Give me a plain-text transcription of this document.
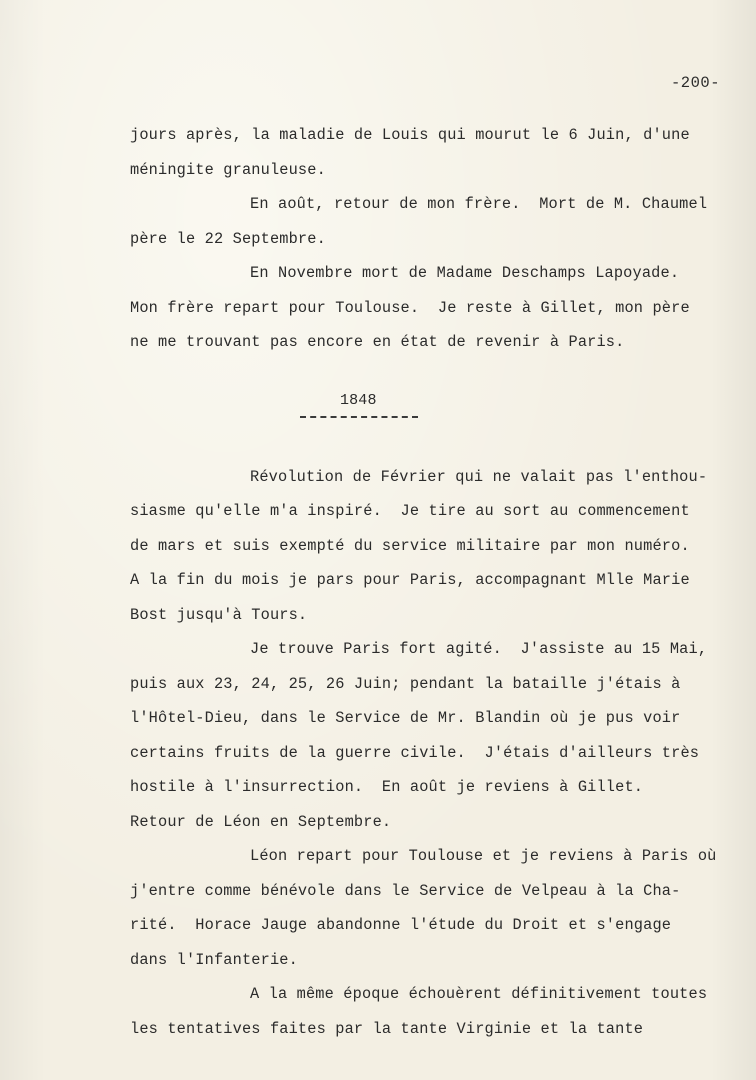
-200-
jours après, la maladie de Louis qui mourut le 6 Juin, d'une
méningite granuleuse.
En août, retour de mon frère.  Mort de M. Chaumel
père le 22 Septembre.
En Novembre mort de Madame Deschamps Lapoyade.
Mon frère repart pour Toulouse.  Je reste à Gillet, mon père
ne me trouvant pas encore en état de revenir à Paris.
1848
Révolution de Février qui ne valait pas l'enthou-
siasme qu'elle m'a inspiré.  Je tire au sort au commencement
de mars et suis exempté du service militaire par mon numéro.
A la fin du mois je pars pour Paris, accompagnant Mlle Marie
Bost jusqu'à Tours.
Je trouve Paris fort agité.  J'assiste au 15 Mai,
puis aux 23, 24, 25, 26 Juin; pendant la bataille j'étais à
l'Hôtel-Dieu, dans le Service de Mr. Blandin où je pus voir
certains fruits de la guerre civile.  J'étais d'ailleurs très
hostile à l'insurrection.  En août je reviens à Gillet.
Retour de Léon en Septembre.
Léon repart pour Toulouse et je reviens à Paris où
j'entre comme bénévole dans le Service de Velpeau à la Cha-
rité.  Horace Jauge abandonne l'étude du Droit et s'engage
dans l'Infanterie.
A la même époque échouèrent définitivement toutes
les tentatives faites par la tante Virginie et la tante
